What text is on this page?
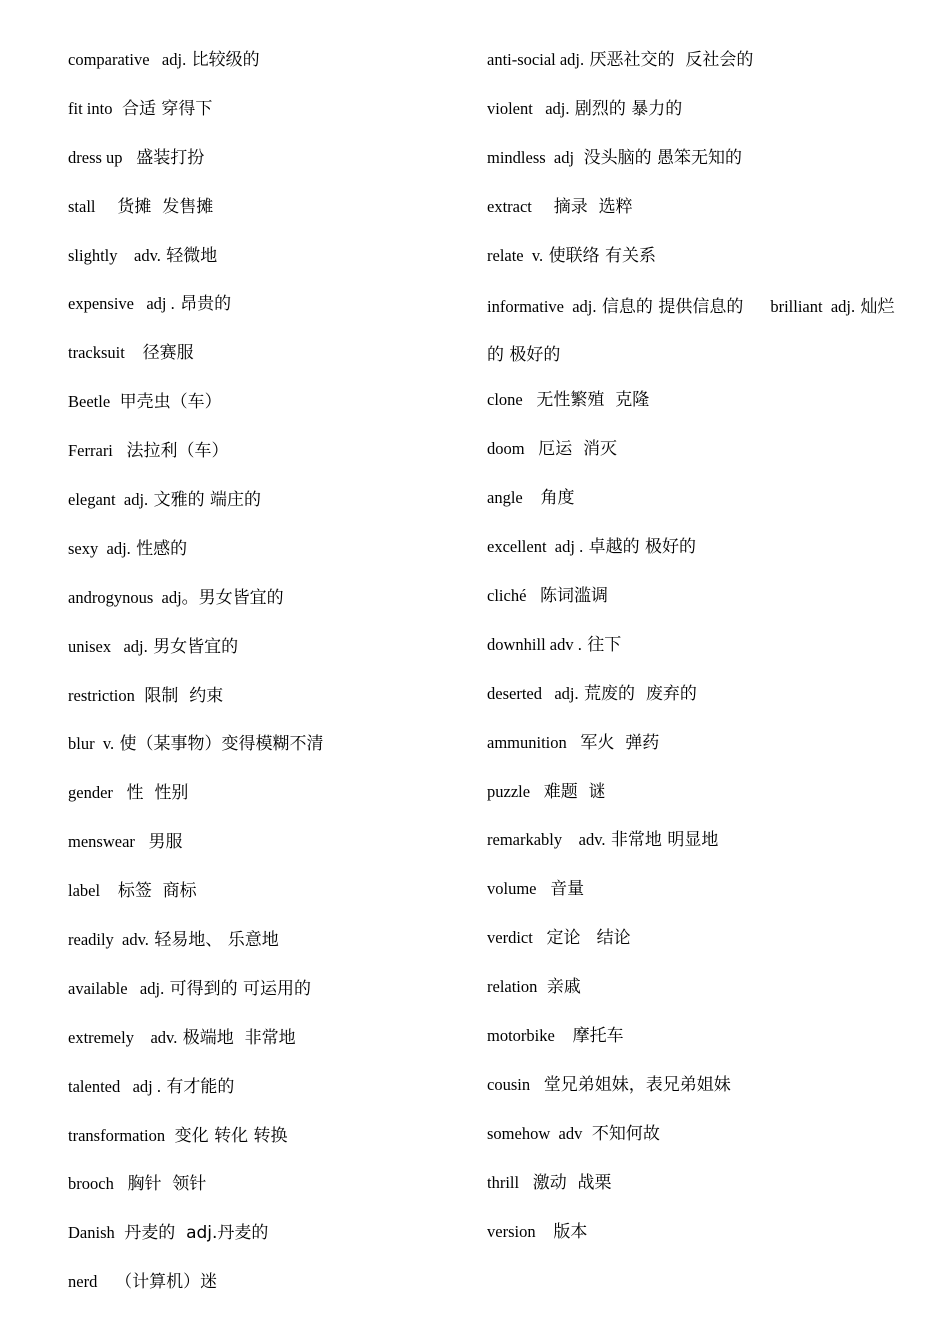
comparative   adj. 比较级的
fit into  合适 穿得下
dress up   盛装打扮
stall     货摊  发售摊
slightly    adv. 轻微地
expensive   adj . 昂贵的
tracksuit    径赛服
Beetle  甲壳虫（车）
Ferrari   法拉利（车）
elegant  adj. 文雅的 端庄的
sexy  adj. 性感的
androgynous  adj。男女皆宜的
unisex   adj. 男女皆宜的
restriction  限制  约束
blur  v. 使（某事物）变得模糊不清
gender   性  性别
menswear   男服
label    标签  商标
readily  adv. 轻易地、 乐意地
available   adj. 可得到的 可运用的
extremely    adv. 极端地  非常地
talented   adj . 有才能的
transformation  变化 转化 转换
brooch   胸针  领针
Danish  丹麦的  adj.丹麦的
nerd    （计算机）迷
anti-social adj. 厌恶社交的  反社会的
violent   adj. 剧烈的 暴力的
mindless  adj  没头脑的 愚笨无知的
extract     摘录  选粹
relate  v. 使联络 有关系
informative  adj. 信息的 提供信息的     brilliant  adj. 灿烂的 极好的
clone   无性繁殖  克隆
doom   厄运  消灭
angle    角度
excellent  adj . 卓越的 极好的
cliché   陈词滥调
downhill adv . 往下
deserted   adj. 荒废的  废弃的
ammunition   军火  弹药
puzzle   难题  谜
remarkably    adv. 非常地 明显地
volume   音量
verdict   定论   结论
relation  亲戚
motorbike    摩托车
cousin   堂兄弟姐妹，表兄弟姐妹
somehow  adv  不知何故
thrill   激动  战栗
version    版本
